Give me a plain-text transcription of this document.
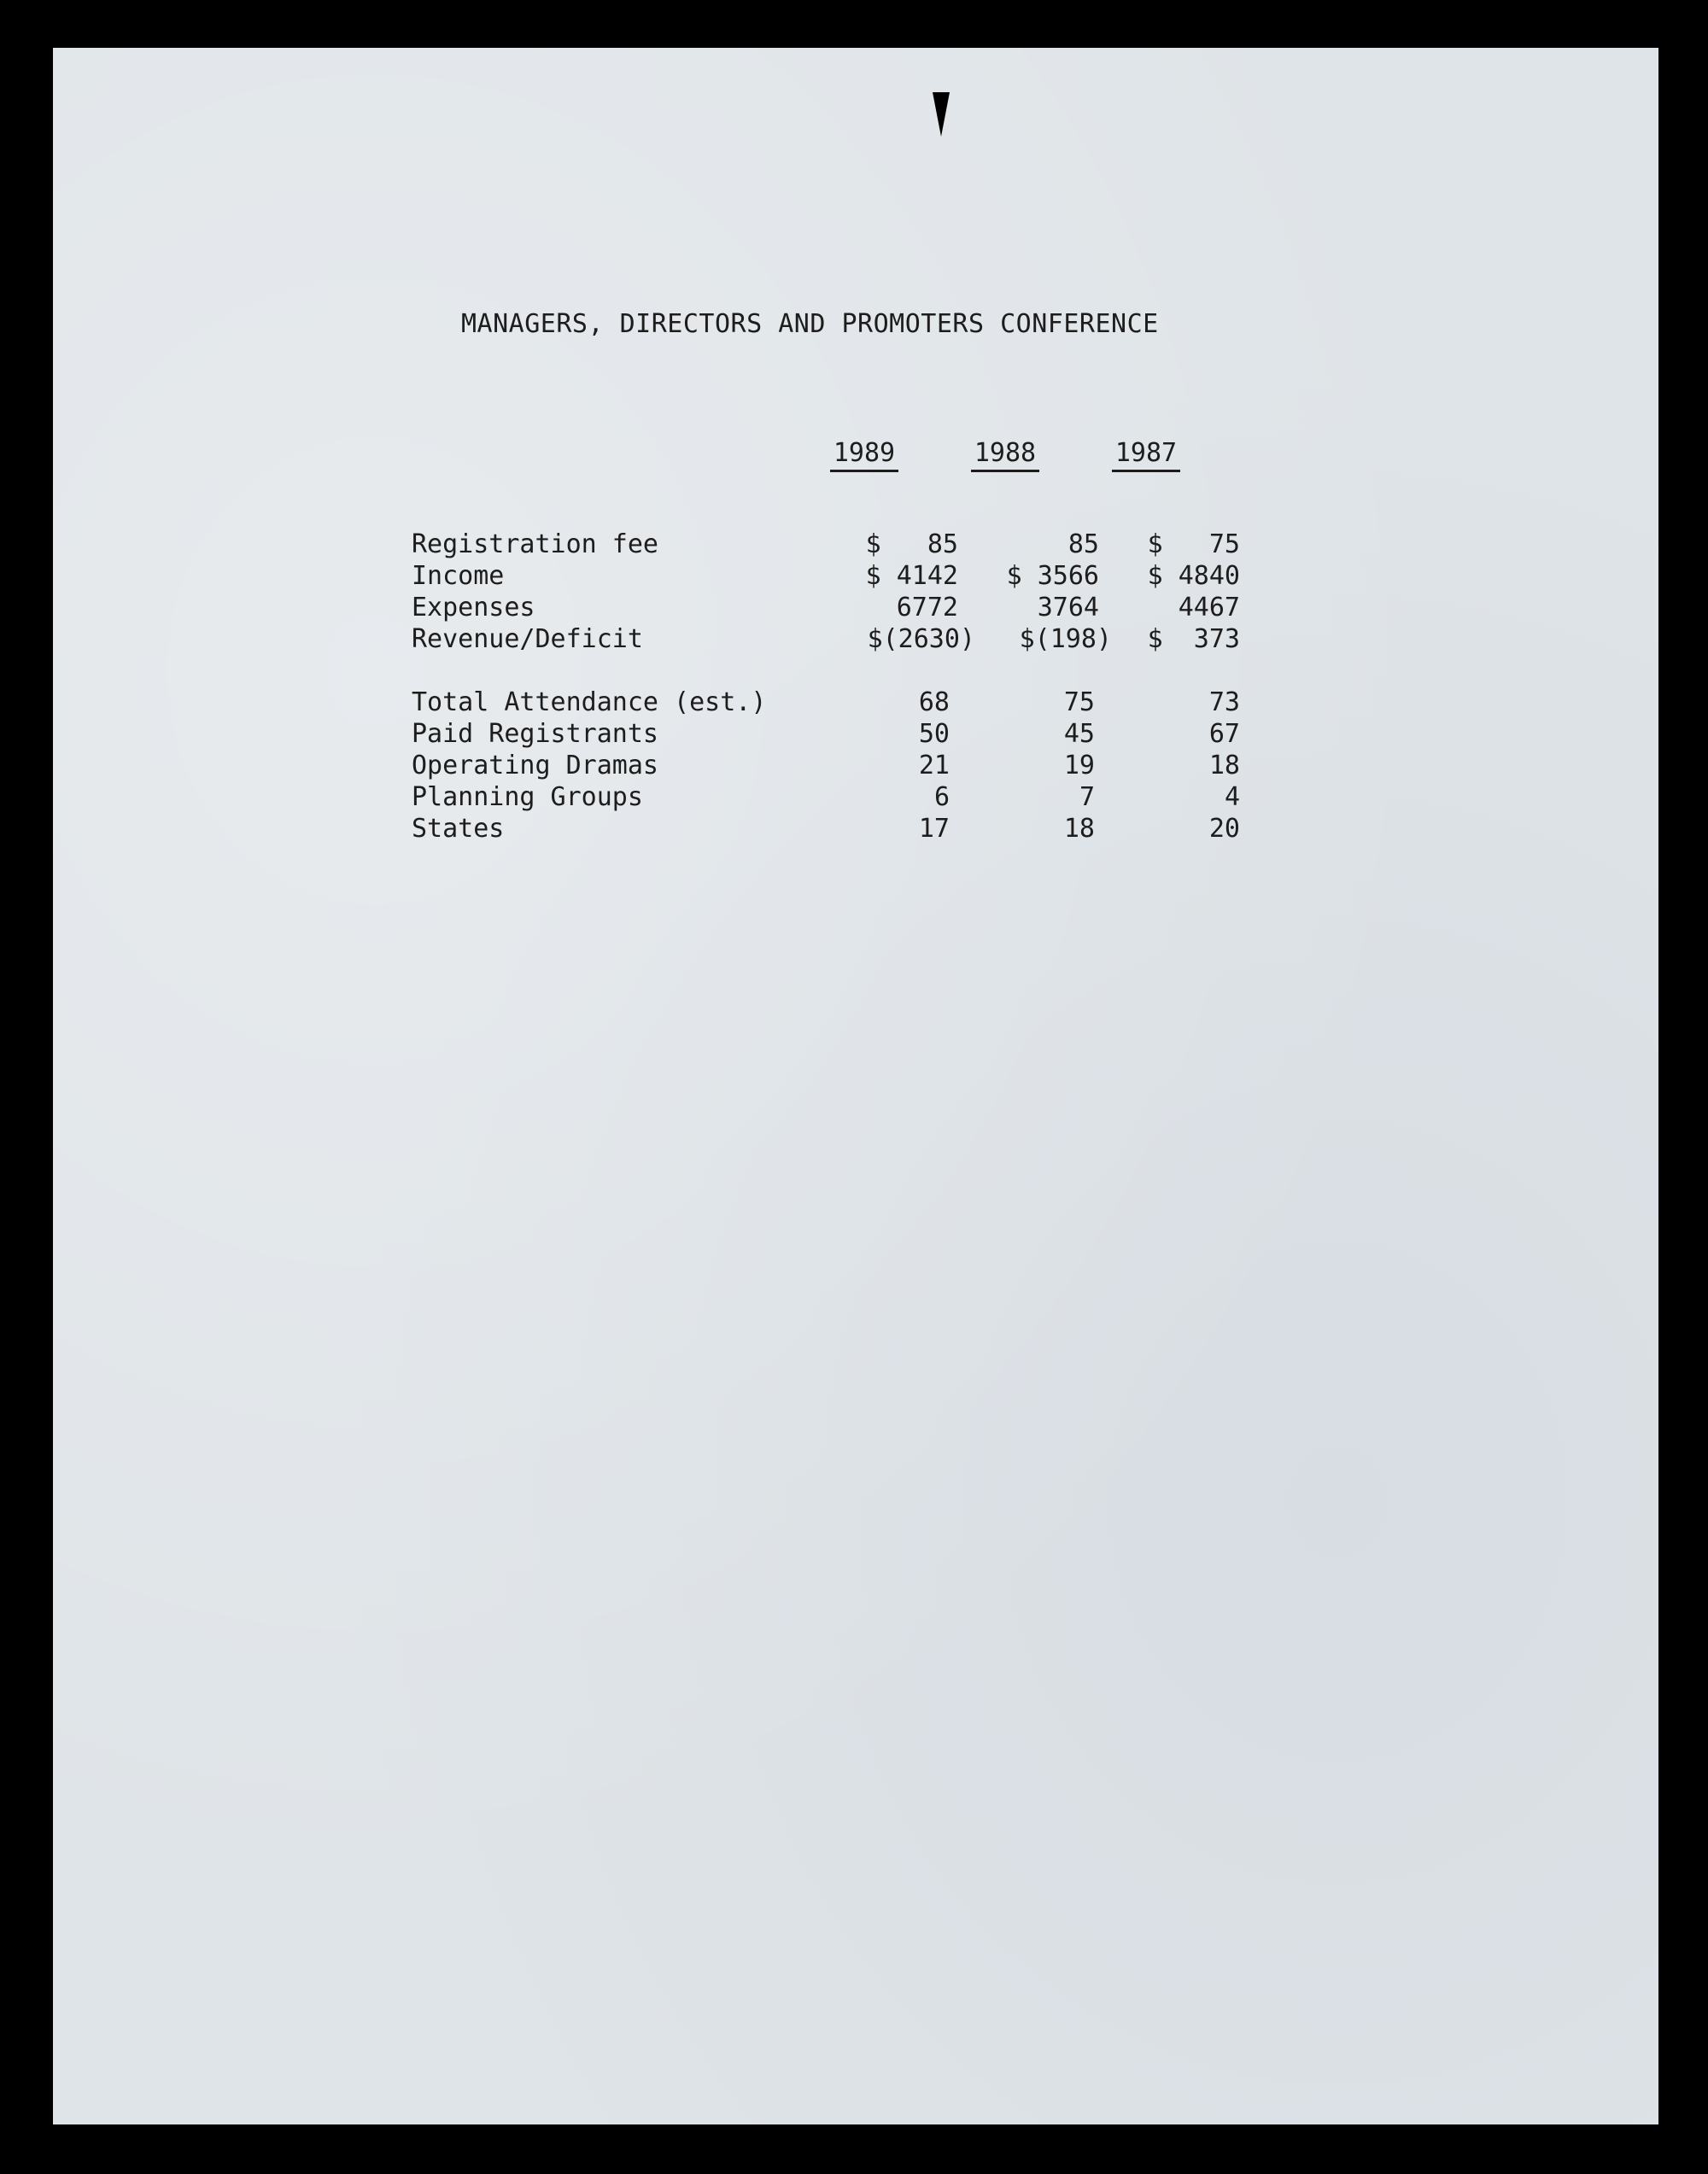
MANAGERS, DIRECTORS AND PROMOTERS CONFERENCE
1989	1988	1987
Registration fee	$   85	85	$   75
Income	$ 4142	$ 3566	$ 4840
Expenses	6772	3764	4467
Revenue/Deficit	$(2630)	$(198)	$  373
Total Attendance (est.)	68	75	73
Paid Registrants	50	45	67
Operating Dramas	21	19	18
Planning Groups	6	7	4
States	17	18	20
